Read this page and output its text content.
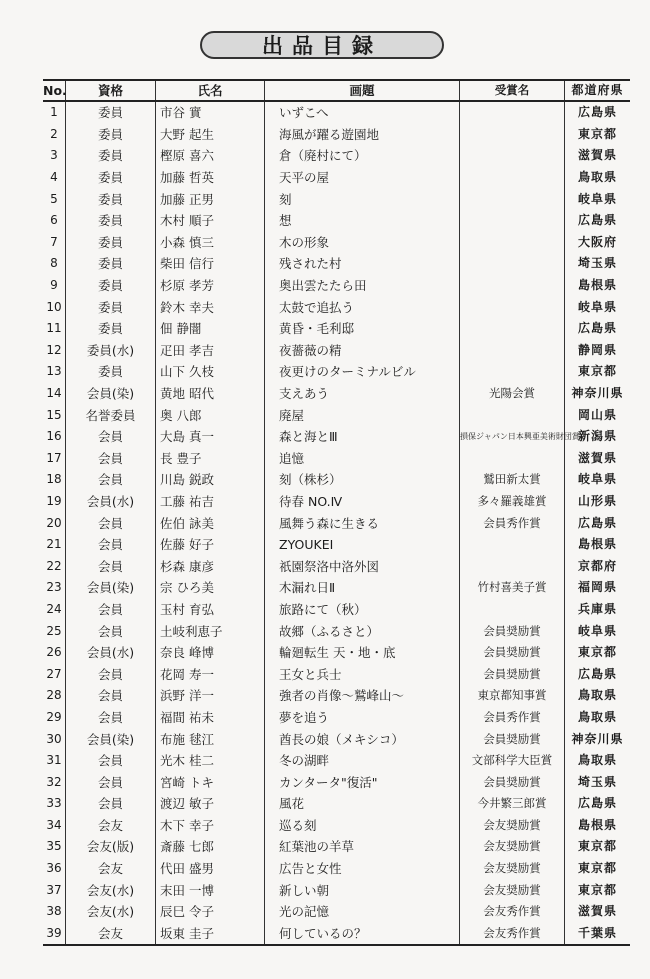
出品目録
No.	資格	氏名	画題	受賞名	都道府県
1	委員	市谷 實	いずこへ		広島県
2	委員	大野 起生	海風が躍る遊園地		東京都
3	委員	樫原 喜六	倉（廃村にて）		滋賀県
4	委員	加藤 哲英	天平の屋		鳥取県
5	委員	加藤 正男	刻		岐阜県
6	委員	木村 順子	想		広島県
7	委員	小森 慎三	木の形象		大阪府
8	委員	柴田 信行	残された村		埼玉県
9	委員	杉原 孝芳	奥出雲たたら田		島根県
10	委員	鈴木 幸夫	太鼓で追払う		岐阜県
11	委員	佃 静闇	黄昏・毛利邸		広島県
12	委員(水)	疋田 孝吉	夜薔薇の精		静岡県
13	委員	山下 久枝	夜更けのターミナルビル		東京都
14	会員(染)	黄地 昭代	支えあう	光陽会賞	神奈川県
15	名誉委員	奥 八郎	廃屋		岡山県
16	会員	大島 真一	森と海とⅢ	損保ジャパン日本興亜美術財団賞	新潟県
17	会員	長 豊子	追憶		滋賀県
18	会員	川島 鋭政	刻（株杉）	鷲田新太賞	岐阜県
19	会員(水)	工藤 祐吉	待春 NO.Ⅳ	多々羅義雄賞	山形県
20	会員	佐伯 詠美	風舞う森に生きる	会員秀作賞	広島県
21	会員	佐藤 好子	ZYOUKEI		島根県
22	会員	杉森 康彦	祇園祭洛中洛外図		京都府
23	会員(染)	宗 ひろ美	木漏れ日Ⅱ	竹村喜美子賞	福岡県
24	会員	玉村 育弘	旅路にて（秋）		兵庫県
25	会員	土岐利恵子	故郷（ふるさと）	会員奨励賞	岐阜県
26	会員(水)	奈良 峰博	輪廻転生 天・地・底	会員奨励賞	東京都
27	会員	花岡 寿一	王女と兵士	会員奨励賞	広島県
28	会員	浜野 洋一	強者の肖像～鷲峰山～	東京都知事賞	鳥取県
29	会員	福間 祐未	夢を追う	会員秀作賞	鳥取県
30	会員(染)	布施 毬江	酋長の娘（メキシコ）	会員奨励賞	神奈川県
31	会員	光木 桂二	冬の湖畔	文部科学大臣賞	鳥取県
32	会員	宮崎 トキ	カンタータ"復活"	会員奨励賞	埼玉県
33	会員	渡辺 敏子	風花	今井繁三郎賞	広島県
34	会友	木下 幸子	巡る刻	会友奨励賞	島根県
35	会友(版)	斎藤 七郎	紅葉池の羊草	会友奨励賞	東京都
36	会友	代田 盛男	広告と女性	会友奨励賞	東京都
37	会友(水)	末田 一博	新しい朝	会友奨励賞	東京都
38	会友(水)	辰巳 令子	光の記憶	会友秀作賞	滋賀県
39	会友	坂東 圭子	何しているの？	会友秀作賞	千葉県
